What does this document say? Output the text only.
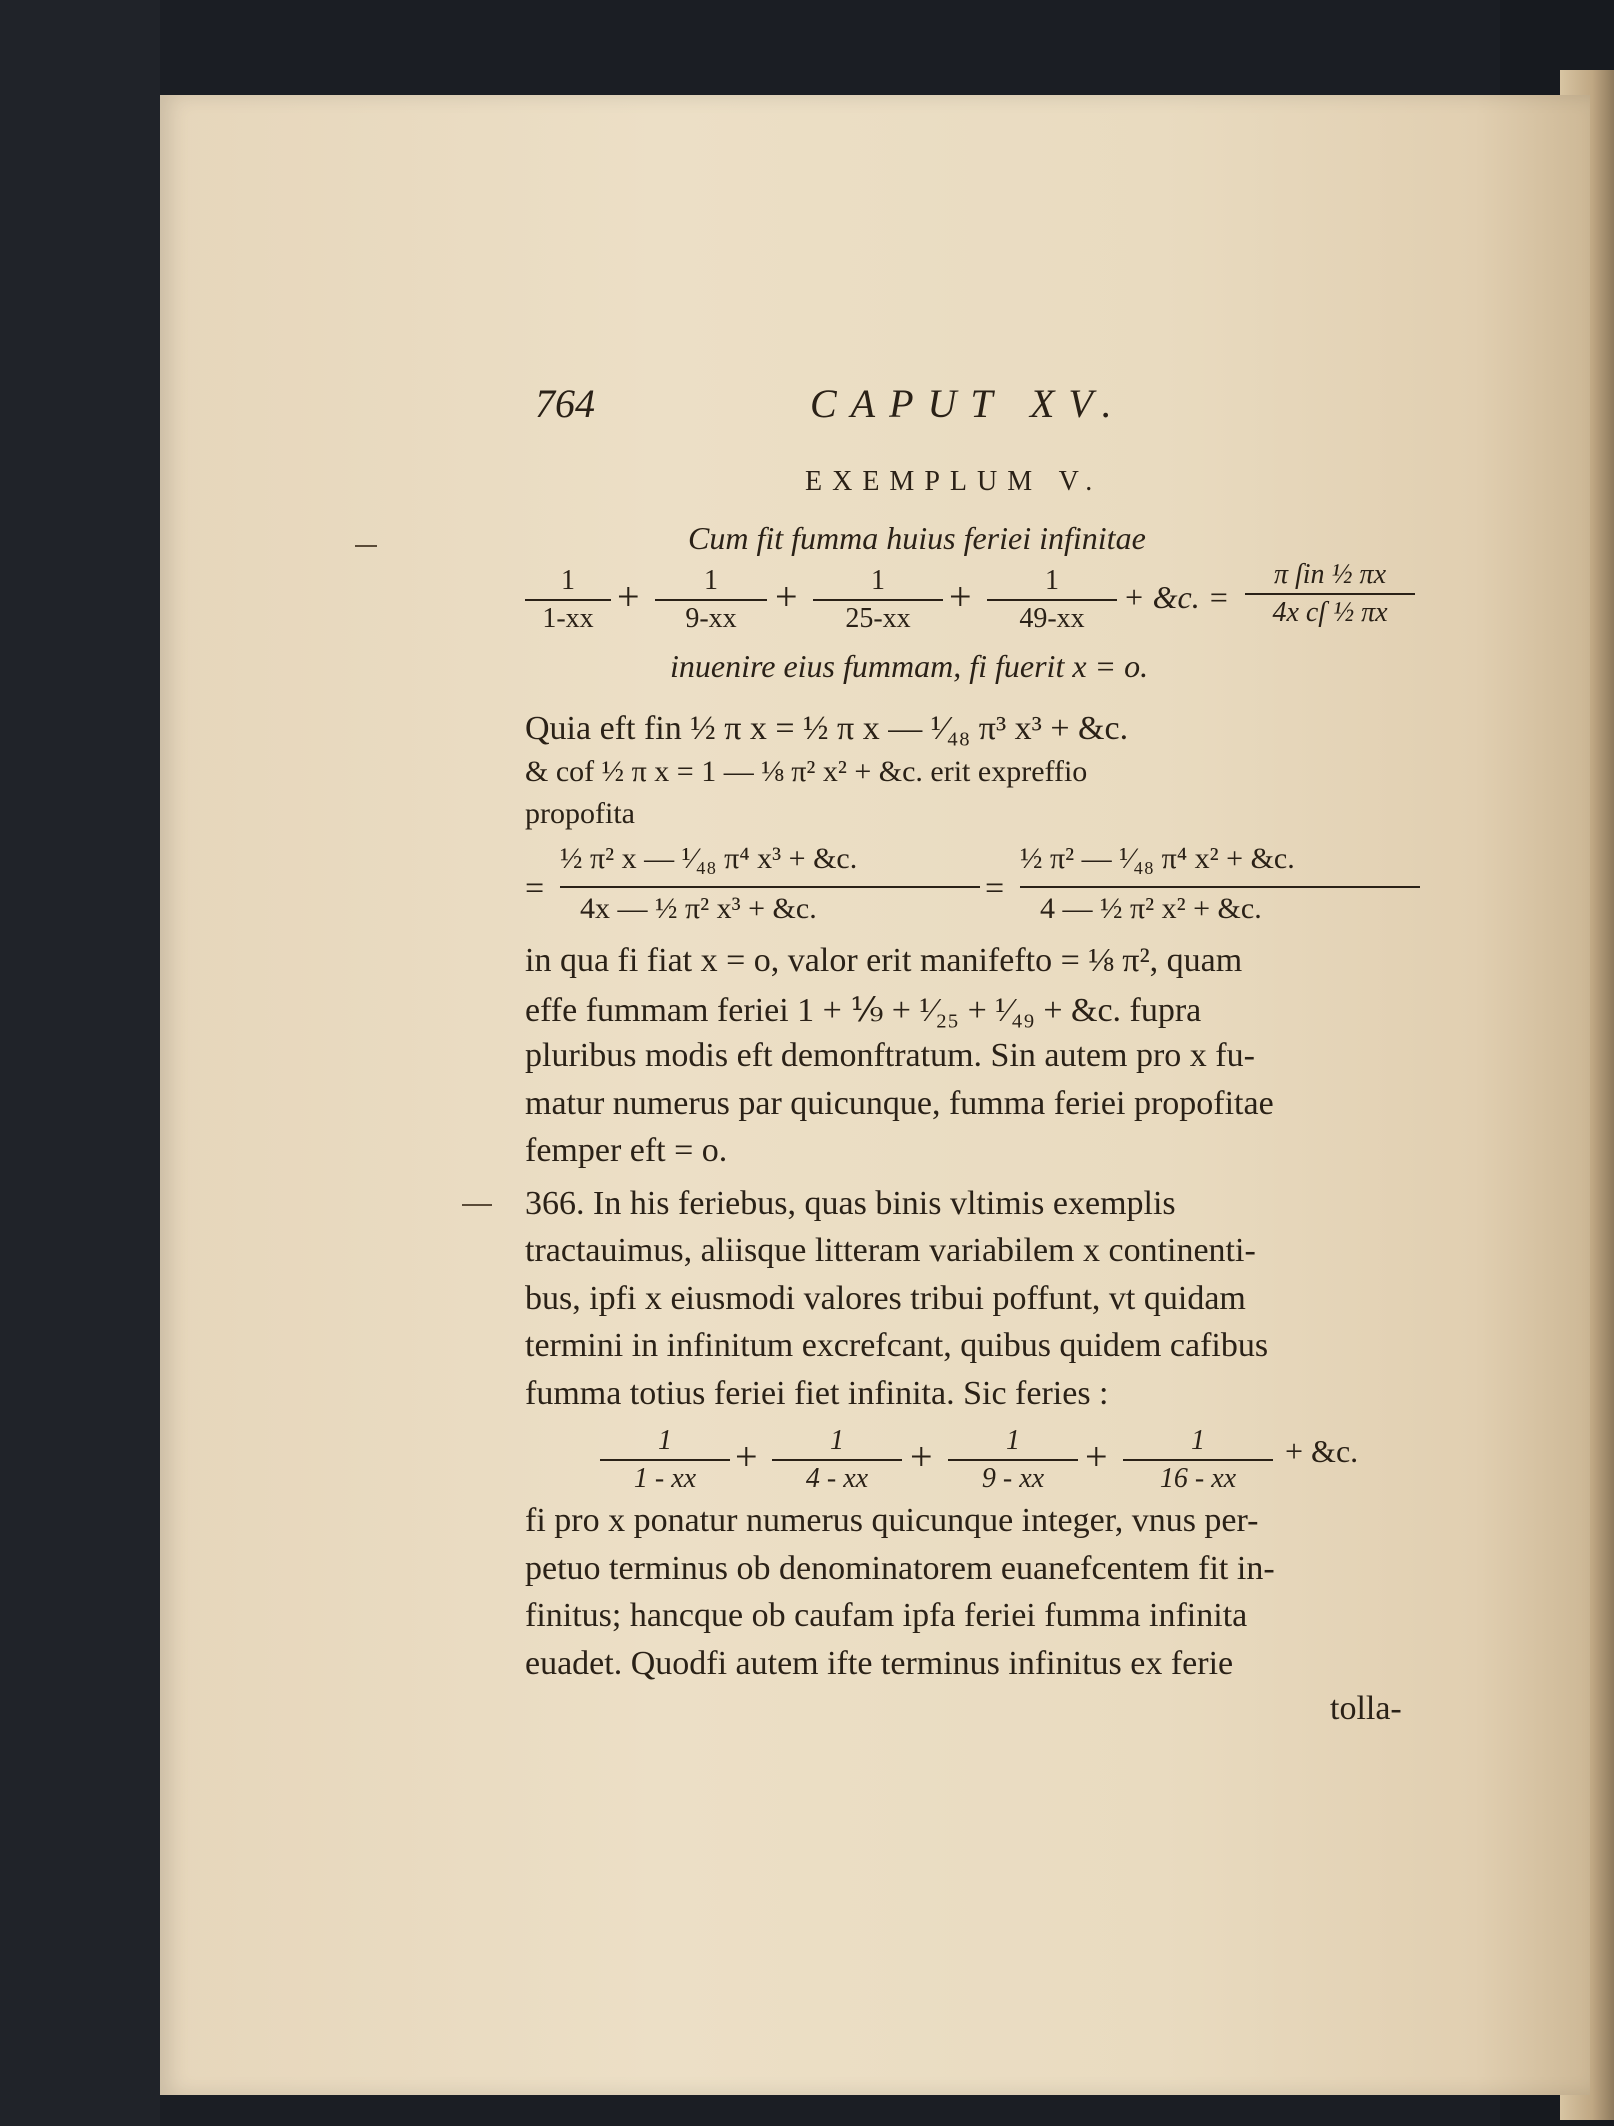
764	CAPUT XV.
EXEMPLUM V.
Cum fit fumma huius feriei infinitae
$\frac{1}{1-xx} + \frac{1}{9-xx} + \frac{1}{25-xx} + \frac{1}{49-xx}$ + &c. =
π ſin ½ πx
4x cſ ½ πx
inuenire eius fummam, fi fuerit x = o.
Quia eft fin ½ π x = ½ π x — ¹⁄₄₈ π³ x³ + &c.
& cof ½ π x = 1 — ⅛ π² x² + &c. erit expreffio
propofita
=
½ π² x — ¹⁄₄₈ π⁴ x³ + &c.
4x — ½ π² x³ + &c.
=
½ π² — ¹⁄₄₈ π⁴ x² + &c.
4 — ½ π² x² + &c.
in qua fi fiat x = o, valor erit manifefto = ⅛ π², quam
effe fummam feriei 1 + ⅑ + ¹⁄₂₅ + ¹⁄₄₉ + &c. fupra
pluribus modis eft demonftratum. Sin autem pro x fu-
matur numerus par quicunque, fumma feriei propofitae
femper eft = o.
366. In his feriebus, quas binis vltimis exemplis
tractauimus, aliisque litteram variabilem x continenti-
bus, ipfi x eiusmodi valores tribui poffunt, vt quidam
termini in infinitum excrefcant, quibus quidem cafibus
fumma totius feriei fiet infinita. Sic feries :
$\frac{1}{1 - xx} + \frac{1}{4 - xx} + \frac{1}{9 - xx} + \frac{1}{16 - xx}$ + &c.
fi pro x ponatur numerus quicunque integer, vnus per-
petuo terminus ob denominatorem euanefcentem fit in-
finitus; hancque ob caufam ipfa feriei fumma infinita
euadet. Quodfi autem ifte terminus infinitus ex ferie
tolla-
